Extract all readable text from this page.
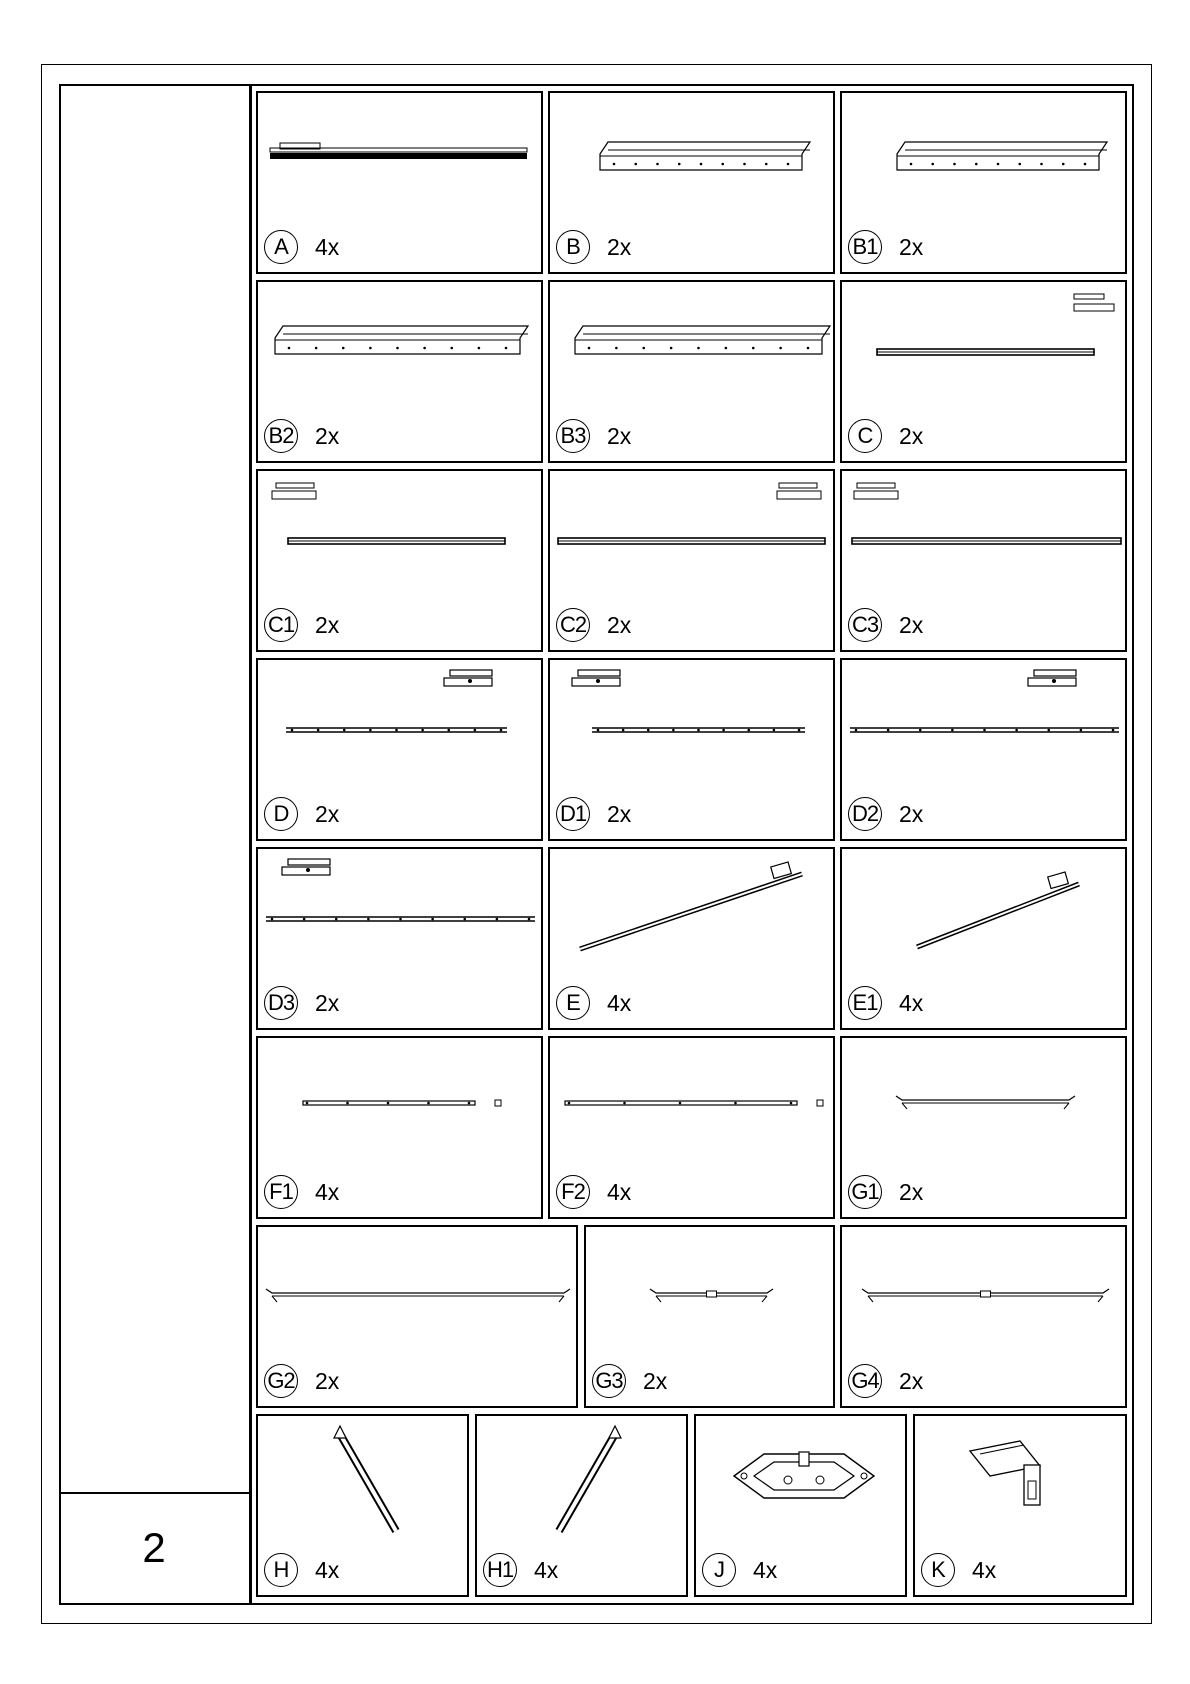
2
A	4x	B	2x	B1 2x
B2 2x	B3 2x	C	2x
C1 2x	C2 2x	C3 2x
D	2x	D1 2x	D2 2x
D3 2x	E	4x	E1 4x
F1 4x	F2 4x	G1 2x
G2 2x	G3 2x	G4 2x
H	4x	H1 4x	J	4x	K	4x
